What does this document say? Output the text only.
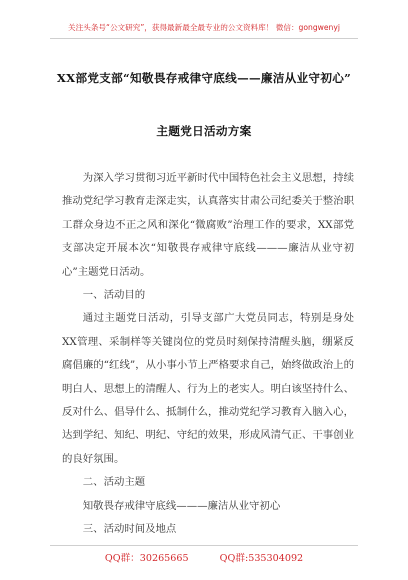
关注头条号“公文研究”，获得最新最全最专业的公文资料库！ 微信：gongwenyj
XX部党支部“知敬畏存戒律守底线——廉洁从业守初心”
主题党日活动方案

为深入学习贯彻习近平新时代中国特色社会主义思想，持续推动党纪学习教育走深走实，认真落实甘肃公司纪委关于整治职工群众身边不正之风和深化“微腐败”治理工作的要求，XX部党支部决定开展本次“知敬畏存戒律守底线———廉洁从业守初心”主题党日活动。

一、活动目的

通过主题党日活动，引导支部广大党员同志，特别是身处XX管理、采制样等关键岗位的党员时刻保持清醒头脑，绷紧反腐倡廉的“红线”，从小事小节上严格要求自己，始终做政治上的明白人、思想上的清醒人、行为上的老实人。明白该坚持什么、反对什么、倡导什么、抵制什么，推动党纪学习教育入脑入心，达到学纪、知纪、明纪、守纪的效果，形成风清气正、干事创业的良好氛围。

二、活动主题

知敬畏存戒律守底线———廉洁从业守初心

三、活动时间及地点

QQ群：30265665	QQ群:535304092
